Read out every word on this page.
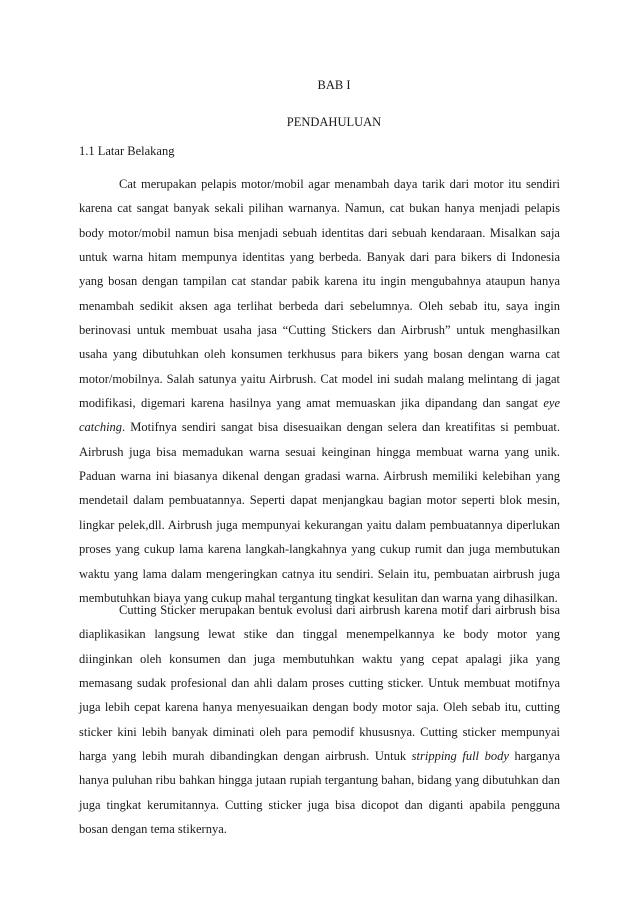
BAB I
PENDAHULUAN
1.1 Latar Belakang

Cat merupakan pelapis motor/mobil agar menambah daya tarik dari motor itu sendiri karena cat sangat banyak sekali pilihan warnanya. Namun, cat bukan hanya menjadi pelapis body motor/mobil namun bisa menjadi sebuah identitas dari sebuah kendaraan. Misalkan saja untuk warna hitam mempunya identitas yang berbeda. Banyak dari para bikers di Indonesia yang bosan dengan tampilan cat standar pabik karena itu ingin mengubahnya ataupun hanya menambah sedikit aksen aga terlihat berbeda dari sebelumnya. Oleh sebab itu, saya ingin berinovasi untuk membuat usaha jasa “Cutting Stickers dan Airbrush” untuk menghasilkan usaha yang dibutuhkan oleh konsumen terkhusus para bikers yang bosan dengan warna cat motor/mobilnya. Salah satunya yaitu Airbrush. Cat model ini sudah malang melintang di jagat modifikasi, digemari karena hasilnya yang amat memuaskan jika dipandang dan sangat eye catching. Motifnya sendiri sangat bisa disesuaikan dengan selera dan kreatifitas si pembuat. Airbrush juga bisa memadukan warna sesuai keinginan hingga membuat warna yang unik. Paduan warna ini biasanya dikenal dengan gradasi warna. Airbrush memiliki kelebihan yang mendetail dalam pembuatannya. Seperti dapat menjangkau bagian motor seperti blok mesin, lingkar pelek,dll. Airbrush juga mempunyai kekurangan yaitu dalam pembuatannya diperlukan proses yang cukup lama karena langkah-langkahnya yang cukup rumit dan juga membutukan waktu yang lama dalam mengeringkan catnya itu sendiri. Selain itu, pembuatan airbrush juga membutuhkan biaya yang cukup mahal tergantung tingkat kesulitan dan warna yang dihasilkan.

Cutting Sticker merupakan bentuk evolusi dari airbrush karena motif dari airbrush bisa diaplikasikan langsung lewat stike dan tinggal menempelkannya ke body motor yang diinginkan oleh konsumen dan juga membutuhkan waktu yang cepat apalagi jika yang memasang sudak profesional dan ahli dalam proses cutting sticker. Untuk membuat motifnya juga lebih cepat karena hanya menyesuaikan dengan body motor saja. Oleh sebab itu, cutting sticker kini lebih banyak diminati oleh para pemodif khususnya. Cutting sticker mempunyai harga yang lebih murah dibandingkan dengan airbrush. Untuk stripping full body harganya hanya puluhan ribu bahkan hingga jutaan rupiah tergantung bahan, bidang yang dibutuhkan dan juga tingkat kerumitannya. Cutting sticker juga bisa dicopot dan diganti apabila pengguna bosan dengan tema stikernya.
